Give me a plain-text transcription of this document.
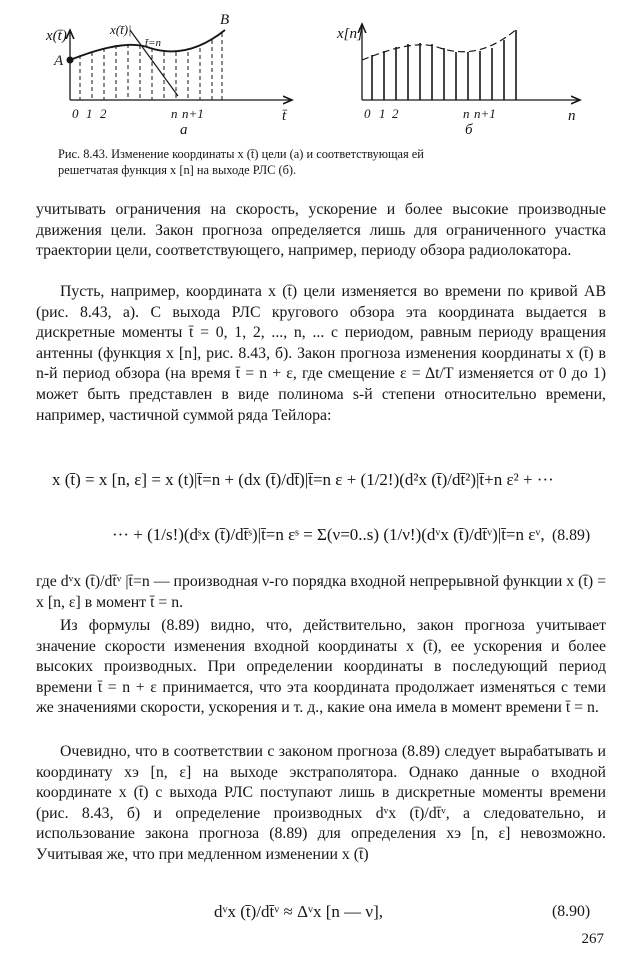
x(t̄)	x(t̄)|
t̄=n
A
B
0 1 2	n n+1	t̄
а
x[n]
0 1 2	n n+1	n
б
Рис. 8.43. Изменение координаты x (t̄) цели (а) и соответствующая ей
решетчатая функция x [n] на выходе РЛС (б).

учитывать ограничения на скорость, ускорение и более высокие производные движения цели. Закон прогноза определяется лишь для ограниченного участка траектории цели, соответствующего, например, периоду обзора радиолокатора.

Пусть, например, координата x (t̄) цели изменяется во времени по кривой AB (рис. 8.43, а). С выхода РЛС кругового обзора эта координата выдается в дискретные моменты t̄ = 0, 1, 2, ..., n, ... с периодом, равным периоду вращения антенны (функция x [n], рис. 8.43, б). Закон прогноза изменения координаты x (t̄) в n-й период обзора (на время t̄ = n + ε, где смещение ε = Δt/T изменяется от 0 до 1) может быть представлен в виде полинома s-й степени относительно времени, например, частичной суммой ряда Тейлора:

x (t̄) = x [n, ε] = x (t)|t̄=n + (dx (t̄)/dt̄)|t̄=n ε + (1/2!)(d²x (t̄)/dt̄²)|t̄+n ε² + ···
··· + (1/s!)(dˢx (t̄)/dt̄ˢ)|t̄=n εˢ = Σ(ν=0..s) (1/ν!)(dᵛx (t̄)/dt̄ᵛ)|t̄=n εᵛ, (8.89)

где dᵛx (t̄)/dt̄ᵛ |t̄=n — производная ν-го порядка входной непрерывной функции x (t̄) = x [n, ε] в момент t̄ = n.

Из формулы (8.89) видно, что, действительно, закон прогноза учитывает значение скорости изменения входной координаты x (t̄), ее ускорения и более высоких производных. При определении координаты в последующий период времени t̄ = n + ε принимается, что эта координата продолжает изменяться с теми же значениями скорости, ускорения и т. д., какие она имела в момент времени t̄ = n.

Очевидно, что в соответствии с законом прогноза (8.89) следует вырабатывать и координату xэ [n, ε] на выходе экстраполятора. Однако данные о входной координате x (t̄) с выхода РЛС поступают лишь в дискретные моменты времени (рис. 8.43, б) и определение производных dᵛx (t̄)/dt̄ᵛ, а следовательно, и использование закона прогноза (8.89) для определения xэ [n, ε] невозможно. Учитывая же, что при медленном изменении x (t̄)

dᵛx (t̄)/dt̄ᵛ ≈ Δᵛx [n — ν],	(8.90)
267
